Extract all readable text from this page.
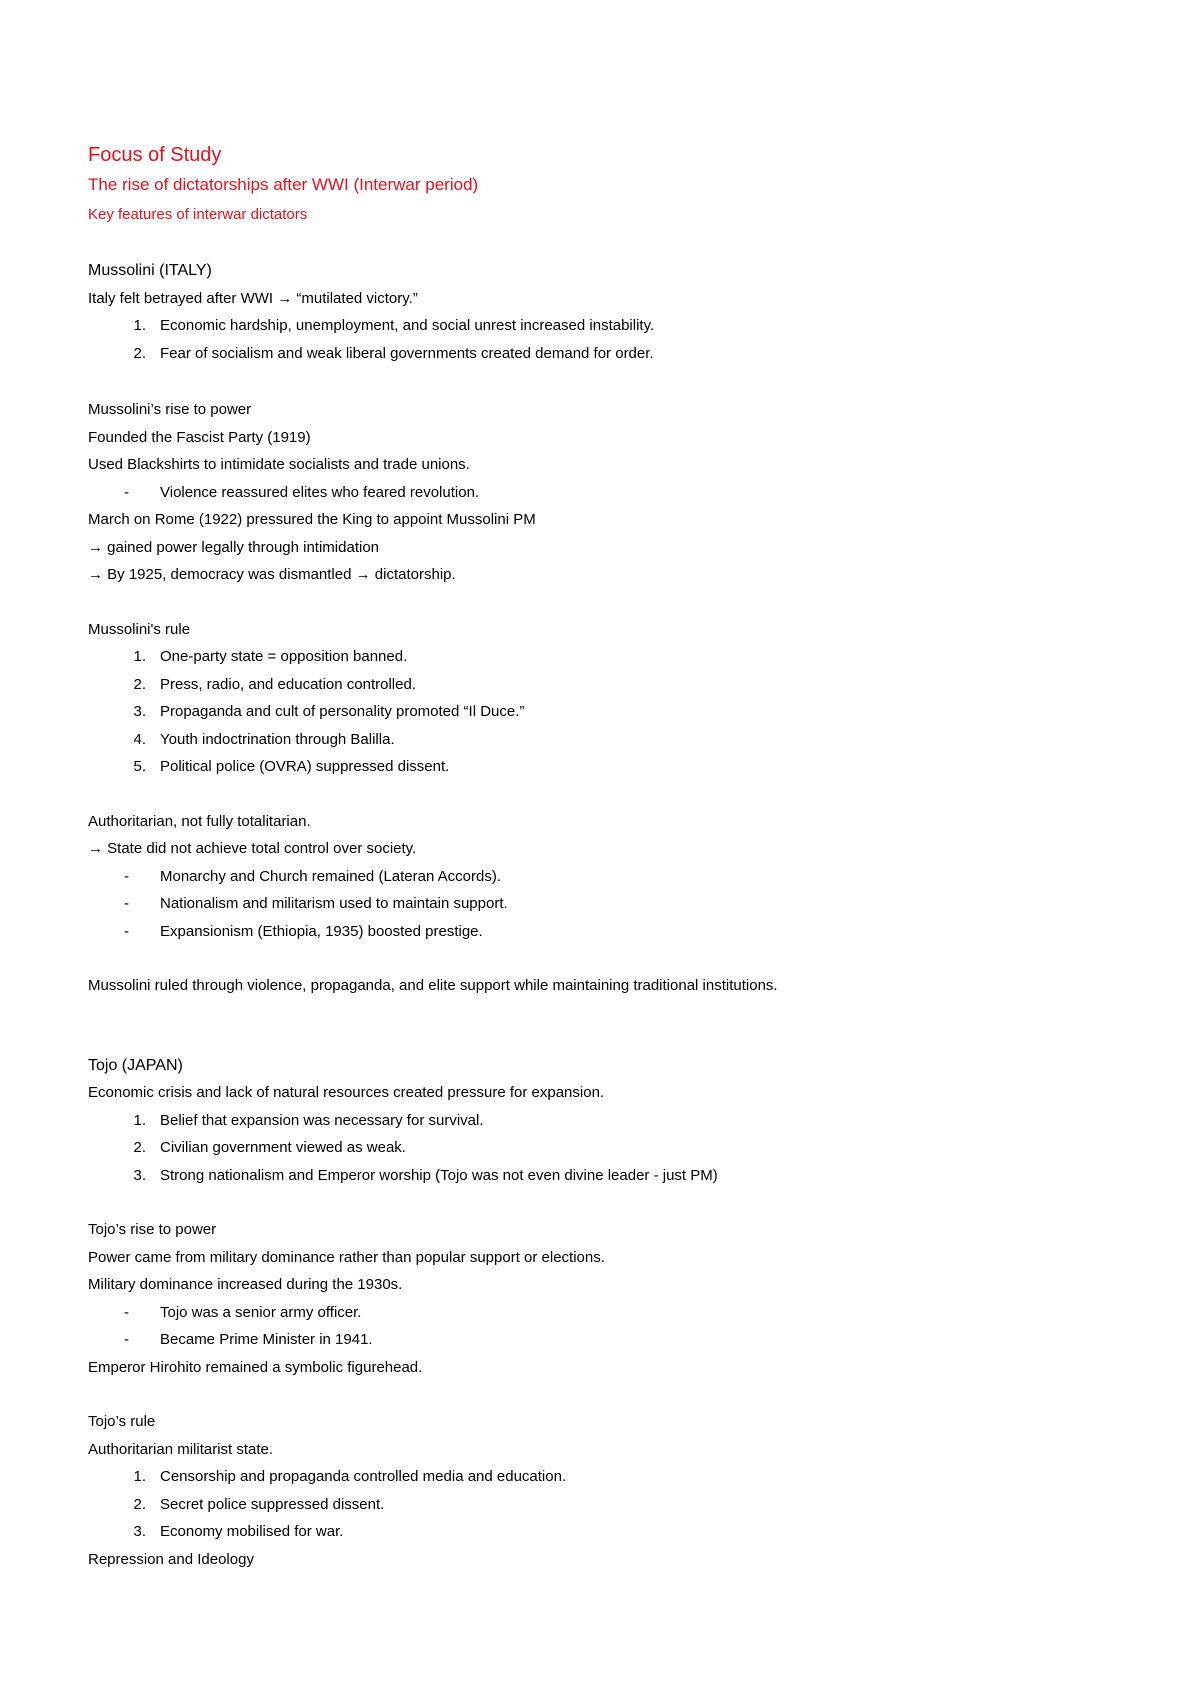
Focus of Study
The rise of dictatorships after WWI (Interwar period)
Key features of interwar dictators
Mussolini (ITALY)
Italy felt betrayed after WWI → “mutilated victory.”
1. Economic hardship, unemployment, and social unrest increased instability.
2. Fear of socialism and weak liberal governments created demand for order.
Mussolini’s rise to power
Founded the Fascist Party (1919)
Used Blackshirts to intimidate socialists and trade unions.
-	Violence reassured elites who feared revolution.
March on Rome (1922) pressured the King to appoint Mussolini PM
→ gained power legally through intimidation
→ By 1925, democracy was dismantled → dictatorship.
Mussolini's rule
1. One-party state = opposition banned.
2. Press, radio, and education controlled.
3. Propaganda and cult of personality promoted “Il Duce.”
4. Youth indoctrination through Balilla.
5. Political police (OVRA) suppressed dissent.
Authoritarian, not fully totalitarian.
→ State did not achieve total control over society.
-	Monarchy and Church remained (Lateran Accords).
-	Nationalism and militarism used to maintain support.
-	Expansionism (Ethiopia, 1935) boosted prestige.
Mussolini ruled through violence, propaganda, and elite support while maintaining traditional institutions.
Tojo (JAPAN)
Economic crisis and lack of natural resources created pressure for expansion.
1. Belief that expansion was necessary for survival.
2. Civilian government viewed as weak.
3. Strong nationalism and Emperor worship (Tojo was not even divine leader - just PM)
Tojo’s rise to power
Power came from military dominance rather than popular support or elections.
Military dominance increased during the 1930s.
-	Tojo was a senior army officer.
-	Became Prime Minister in 1941.
Emperor Hirohito remained a symbolic figurehead.
Tojo’s rule
Authoritarian militarist state.
1. Censorship and propaganda controlled media and education.
2. Secret police suppressed dissent.
3. Economy mobilised for war.
Repression and Ideology
